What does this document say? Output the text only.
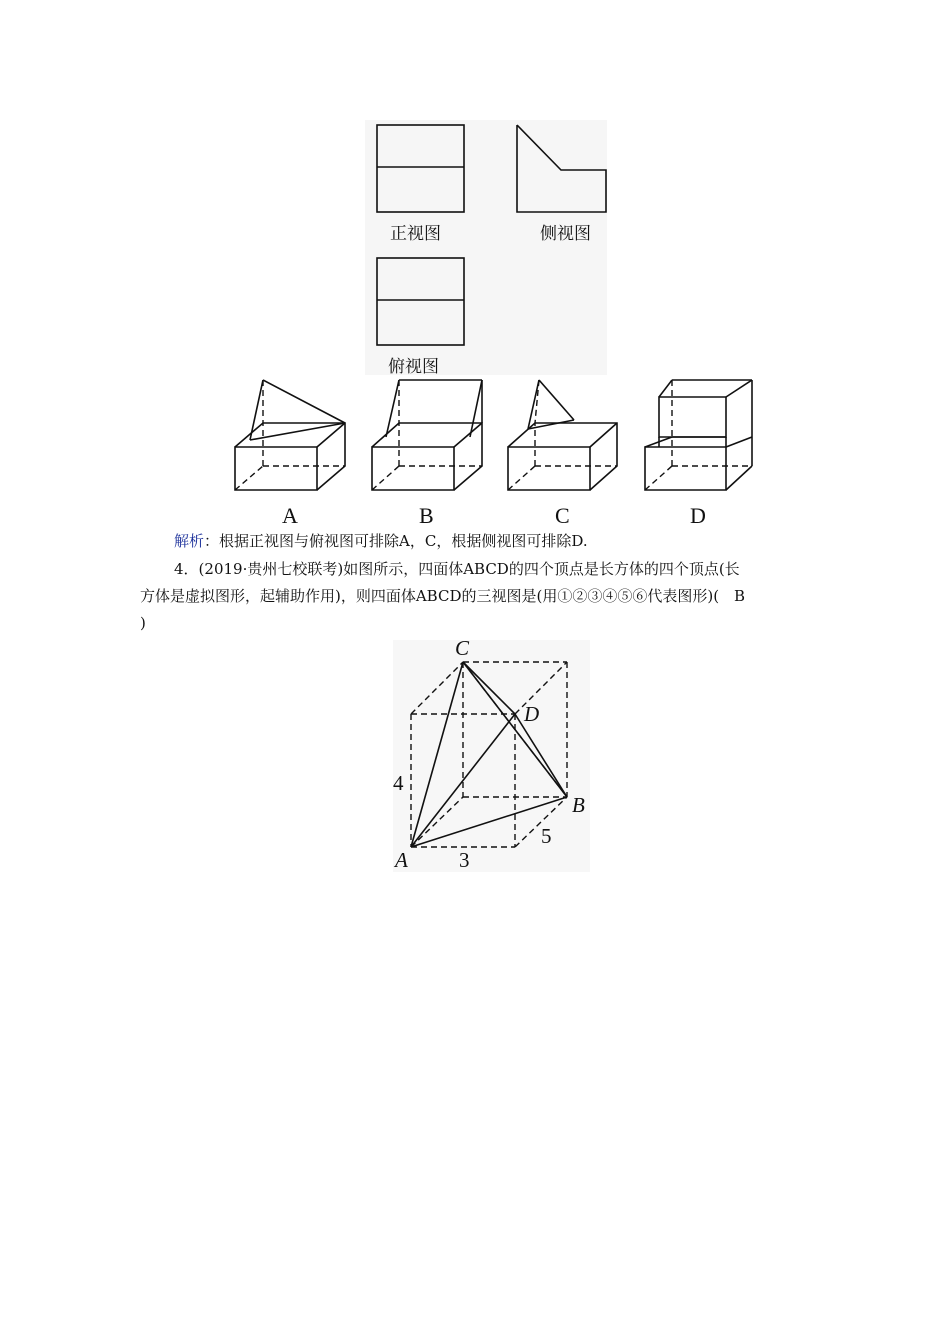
正视图	侧视图
俯视图
A	B	C	D
解析：根据正视图与俯视图可排除A，C，根据侧视图可排除D.
4．(2019·贵州七校联考)如图所示，四面体ABCD的四个顶点是长方体的四个顶点(长
方体是虚拟图形，起辅助作用)，则四面体ABCD的三视图是(用①②③④⑤⑥代表图形)(　B
)
C
D
B
A
4
3
5
